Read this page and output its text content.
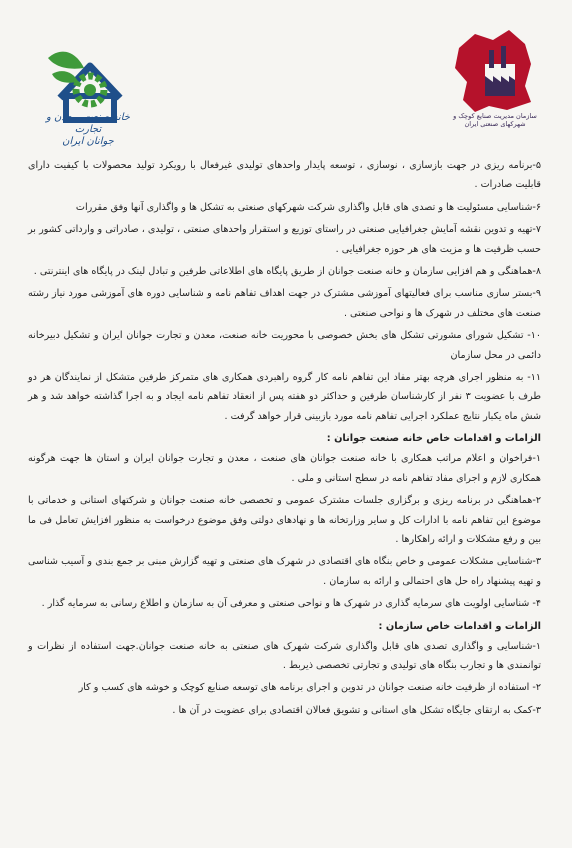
خانه صنعت، معدن و تجارت
جوانان ایران
سازمان مدیریت صنایع کوچک و شهرکهای صنعتی ایران

۵-برنامه ریزی در جهت بازسازی ، نوسازی ، توسعه پایدار واحدهای تولیدی غیرفعال با رویکرد تولید محصولات با کیفیت دارای قابلیت صادرات .

۶-شناسایی مسئولیت ها و تصدی های قابل واگذاری شرکت شهرکهای صنعتی به تشکل ها و واگذاری آنها وفق مقررات

۷-تهیه و تدوین نقشه آمایش جغرافیایی صنعتی در راستای توزیع و استقرار واحدهای صنعتی ، تولیدی ، صادراتی و وارداتی کشور بر حسب ظرفیت ها و مزیت های هر حوزه جغرافیایی .

۸-هماهنگی و هم افزایی سازمان و خانه صنعت جوانان از طریق پایگاه های اطلاعاتی طرفین و تبادل لینک در پایگاه های اینترنتی .

۹-بستر سازی مناسب برای فعالیتهای آموزشی مشترک در جهت اهداف تفاهم نامه و شناسایی دوره های آموزشی مورد نیاز رشته صنعت های مختلف در شهرک ها و نواحی صنعتی .

۱۰- تشکیل شورای مشورتی تشکل های بخش خصوصی با محوریت خانه صنعت، معدن و تجارت جوانان ایران و تشکیل دبیرخانه دائمی در محل سازمان

۱۱- به منظور اجرای هرچه بهتر مفاد این تفاهم نامه کار گروه راهبردی همکاری های متمرکز طرفین متشکل از نمایندگان هر دو طرف با عضویت ۳ نفر از کارشناسان طرفین و حداکثر دو هفته پس از انعقاد تفاهم نامه ایجاد و به اجرا گذاشته خواهد شد و هر شش ماه یکبار نتایج عملکرد اجرایی تفاهم نامه مورد بازبینی قرار خواهد گرفت .

الزامات و اقدامات خاص خانه صنعت جوانان :

۱-فراخوان و اعلام مراتب همکاری با خانه صنعت جوانان های صنعت ، معدن و تجارت جوانان ایران و استان ها جهت هرگونه همکاری لازم و اجرای مفاد تفاهم نامه در سطح استانی و ملی .

۲-هماهنگی در برنامه ریزی و برگزاری جلسات مشترک عمومی و تخصصی خانه صنعت جوانان و شرکتهای استانی و خدماتی با موضوع این تفاهم نامه با ادارات کل و سایر وزارتخانه ها و نهادهای دولتی وفق موضوع درخواست به منظور افزایش تعامل فی ما بین و رفع مشکلات و ارائه راهکارها .

۳-شناسایی مشکلات عمومی و خاص بنگاه های اقتصادی در شهرک های صنعتی و تهیه گزارش مبنی بر جمع بندی و آسیب شناسی و تهیه پیشنهاد راه حل های احتمالی و ارائه به سازمان .

۴- شناسایی اولویت های سرمایه گذاری در شهرک ها و نواحی صنعتی و معرفی آن به سازمان و اطلاع رسانی به سرمایه گذار .

الزامات و اقدامات خاص سازمان :

۱-شناسایی و واگذاری تصدی های قابل واگذاری شرکت شهرک های صنعتی به خانه صنعت جوانان.جهت استفاده از نظرات و توانمندی ها و تجارب بنگاه های تولیدی و تجارتی تخصصی ذیربط .

۲- استفاده از ظرفیت خانه صنعت جوانان در تدوین و اجرای برنامه های توسعه صنایع کوچک و خوشه های کسب و کار

۳-کمک به ارتقای جایگاه تشکل های استانی و تشویق فعالان اقتصادی برای عضویت در آن ها .
